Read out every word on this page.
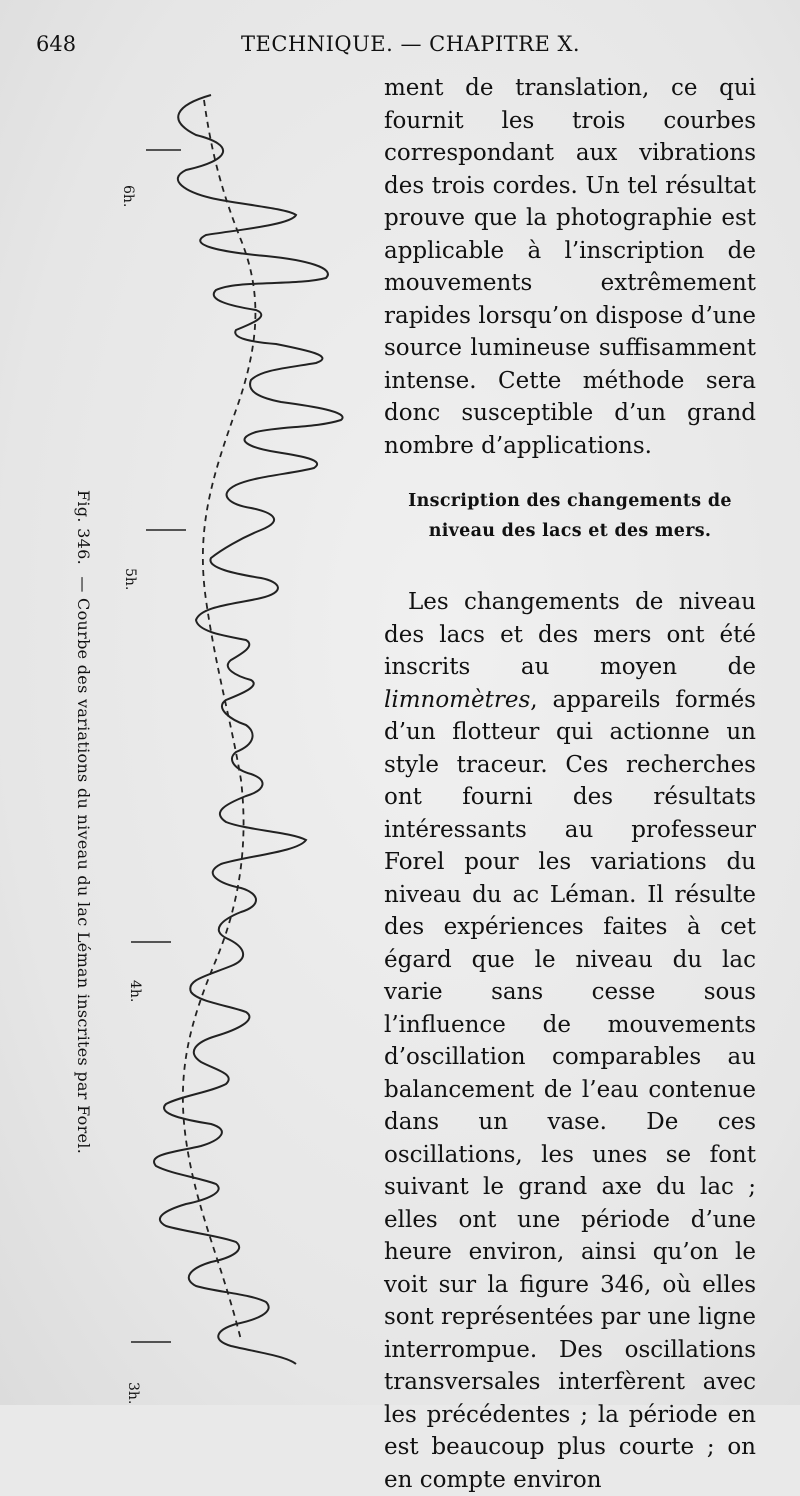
648	TECHNIQUE. — CHAPITRE X.
Fig. 346. — Courbe des variations du niveau du lac Léman inscrites par Forel.
6h.
5h.
4h.
3h.

ment de translation, ce qui fournit les trois courbes correspondant aux vibrations des trois cordes. Un tel résultat prouve que la photographie est applicable à l’inscription de mouvements extrêmement rapides lorsqu’on dispose d’une source lumineuse suffisamment intense. Cette méthode sera donc susceptible d’un grand nombre d’applications.

Inscription des changements de

niveau des lacs et des mers.

Les changements de niveau des lacs et des mers ont été inscrits au moyen de limnomètres, appareils formés d’un flotteur qui actionne un style traceur. Ces recherches ont fourni des résultats intéressants au professeur Forel pour les variations du niveau du ac Léman. Il résulte des expériences faites à cet égard que le niveau du lac varie sans cesse sous l’influence de mouvements d’oscillation comparables au balancement de l’eau contenue dans un vase. De ces oscillations, les unes se font suivant le grand axe du lac ; elles ont une période d’une heure environ, ainsi qu’on le voit sur la figure 346, où elles sont représentées par une ligne interrompue. Des oscillations transversales interfèrent avec les précédentes ; la période en est beaucoup plus courte ; on en compte environ
